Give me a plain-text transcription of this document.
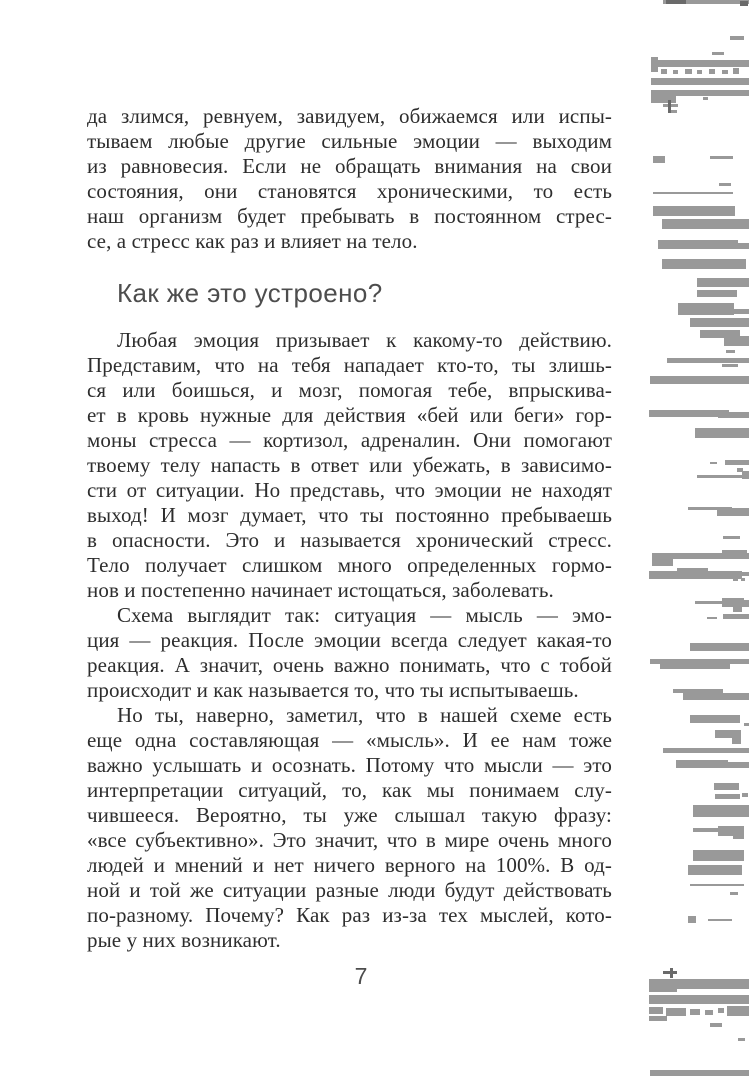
да злимся, ревнуем, завидуем, обижаемся или испы-
тываем любые другие сильные эмоции — выходим
из равновесия. Если не обращать внимания на свои
состояния, они становятся хроническими, то есть
наш организм будет пребывать в постоянном стрес-
се, а стресс как раз и влияет на тело.
Как же это устроено?
Любая эмоция призывает к какому-то действию.
Представим, что на тебя нападает кто-то, ты злишь-
ся или боишься, и мозг, помогая тебе, впрыскива-
ет в кровь нужные для действия «бей или беги» гор-
моны стресса — кортизол, адреналин. Они помогают
твоему телу напасть в ответ или убежать, в зависимо-
сти от ситуации. Но представь, что эмоции не находят
выход! И мозг думает, что ты постоянно пребываешь
в опасности. Это и называется хронический стресс.
Тело получает слишком много определенных гормо-
нов и постепенно начинает истощаться, заболевать.
Схема выглядит так: ситуация — мысль — эмо-
ция — реакция. После эмоции всегда следует какая-то
реакция. А значит, очень важно понимать, что с тобой
происходит и как называется то, что ты испытываешь.
Но ты, наверно, заметил, что в нашей схеме есть
еще одна составляющая — «мысль». И ее нам тоже
важно услышать и осознать. Потому что мысли — это
интерпретации ситуаций, то, как мы понимаем слу-
чившееся. Вероятно, ты уже слышал такую фразу:
«все субъективно». Это значит, что в мире очень много
людей и мнений и нет ничего верного на 100%. В од-
ной и той же ситуации разные люди будут действовать
по-разному. Почему? Как раз из-за тех мыслей, кото-
рые у них возникают.
7
